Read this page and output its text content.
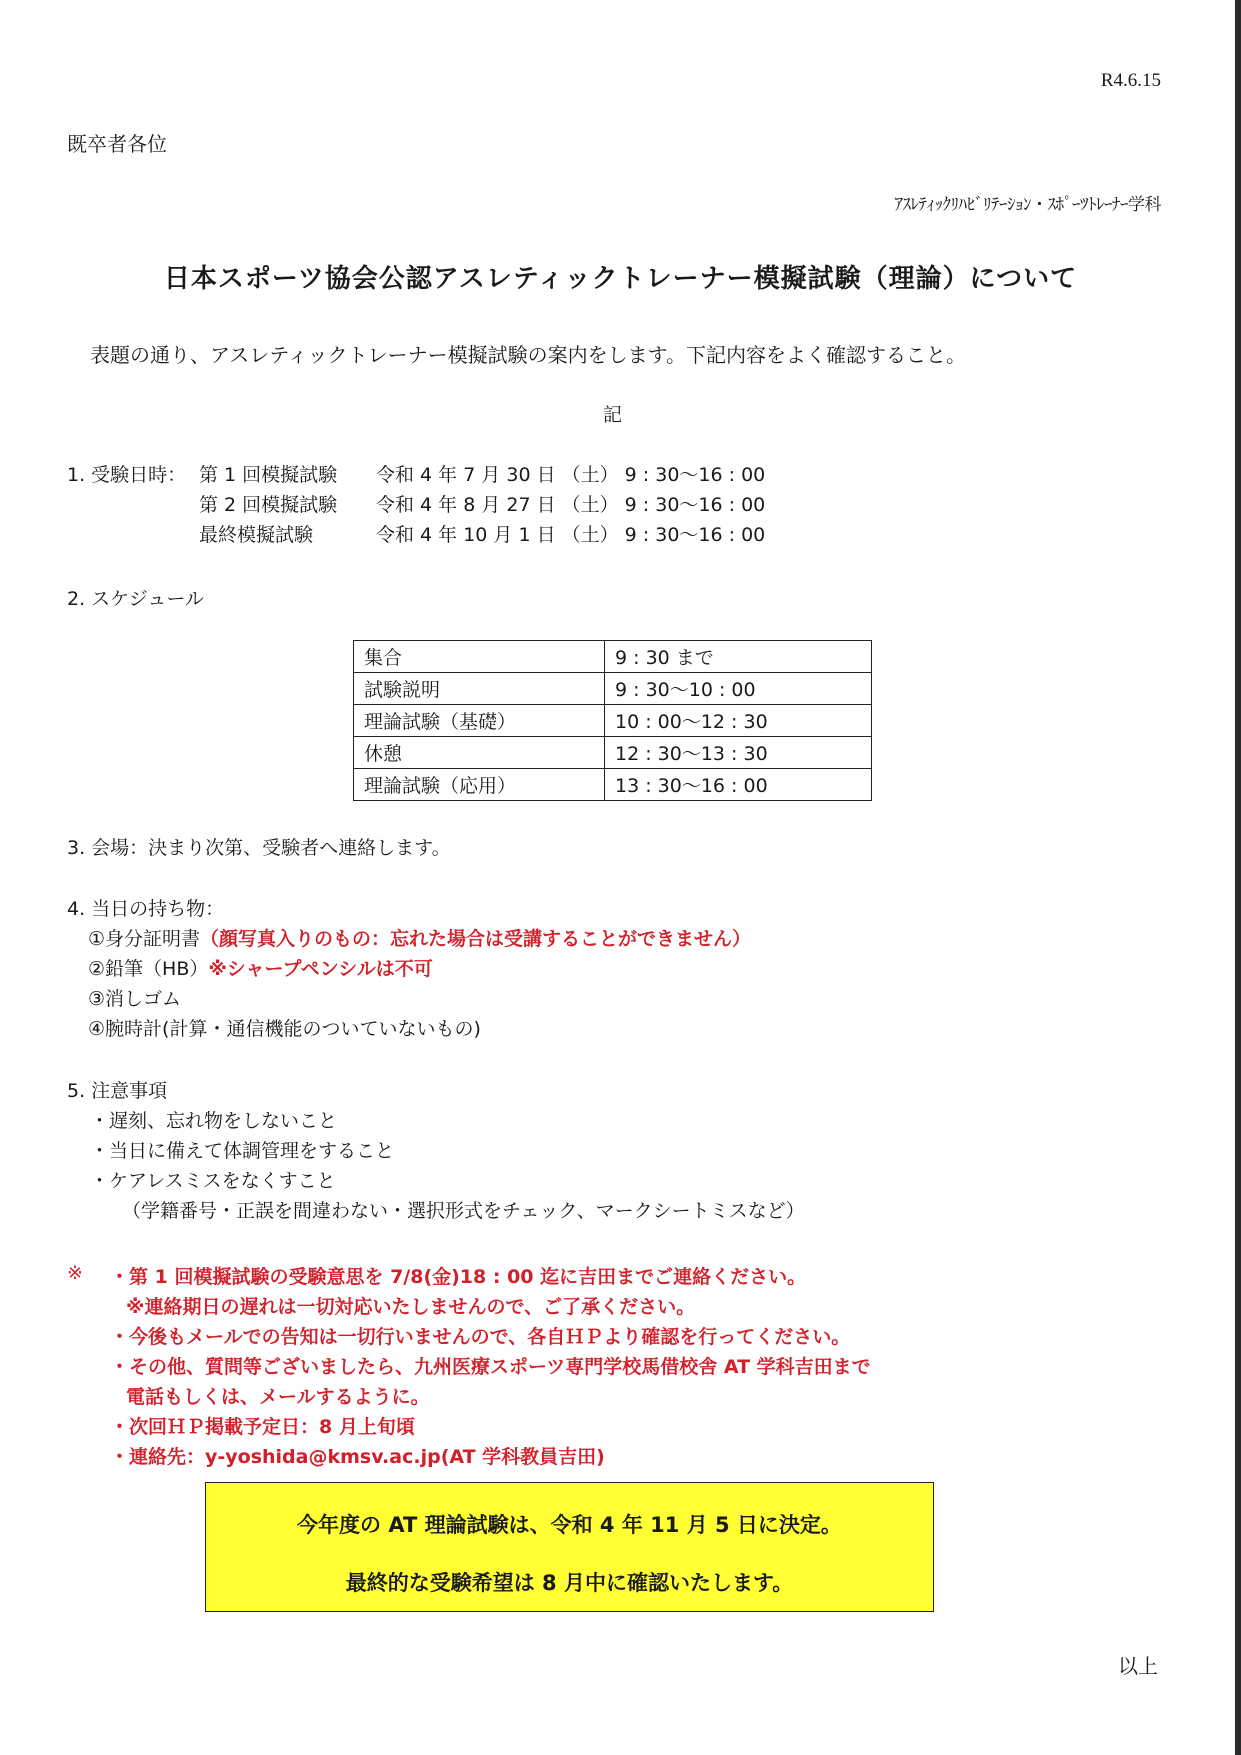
R4.6.15
既卒者各位
ｱｽﾚﾃｨｯｸﾘﾊﾋﾞﾘﾃｰｼｮﾝ・ｽﾎﾟｰﾂﾄﾚｰﾅｰ学科
日本スポーツ協会公認アスレティックトレーナー模擬試験（理論）について
表題の通り、アスレティックトレーナー模擬試験の案内をします。下記内容をよく確認すること。
記
1. 受験日時： 第 1 回模擬試験 令和 4 年 7 月 30 日 （土） 9 : 30～16 : 00
第 2 回模擬試験 令和 4 年 8 月 27 日 （土） 9 : 30～16 : 00
最終模擬試験	令和 4 年 10 月 1 日 （土） 9 : 30～16 : 00
2. スケジュール
集合	9 : 30 まで
試験説明	9 : 30～10 : 00
理論試験（基礎）	10 : 00～12 : 30
休憩	12 : 30～13 : 30
理論試験（応用）	13 : 30～16 : 00
3. 会場：決まり次第、受験者へ連絡します。
4. 当日の持ち物：
①身分証明書（顔写真入りのもの：忘れた場合は受講することができません）
②鉛筆（HB）※シャープペンシルは不可
③消しゴム
④腕時計(計算・通信機能のついていないもの)
5. 注意事項
・遅刻、忘れ物をしないこと
・当日に備えて体調管理をすること
・ケアレスミスをなくすこと
（学籍番号・正誤を間違わない・選択形式をチェック、マークシートミスなど）
※ ・第 1 回模擬試験の受験意思を 7/8(金)18 : 00 迄に吉田までご連絡ください。
※連絡期日の遅れは一切対応いたしませんので、ご了承ください。
・今後もメールでの告知は一切行いませんので、各自ＨＰより確認を行ってください。
・その他、質問等ございましたら、九州医療スポーツ専門学校馬借校舎 AT 学科吉田まで
電話もしくは、メールするように。
・次回ＨＰ掲載予定日：8 月上旬頃
・連絡先：y-yoshida@kmsv.ac.jp(AT 学科教員吉田)
今年度の AT 理論試験は、令和 4 年 11 月 5 日に決定。
最終的な受験希望は 8 月中に確認いたします。
以上
